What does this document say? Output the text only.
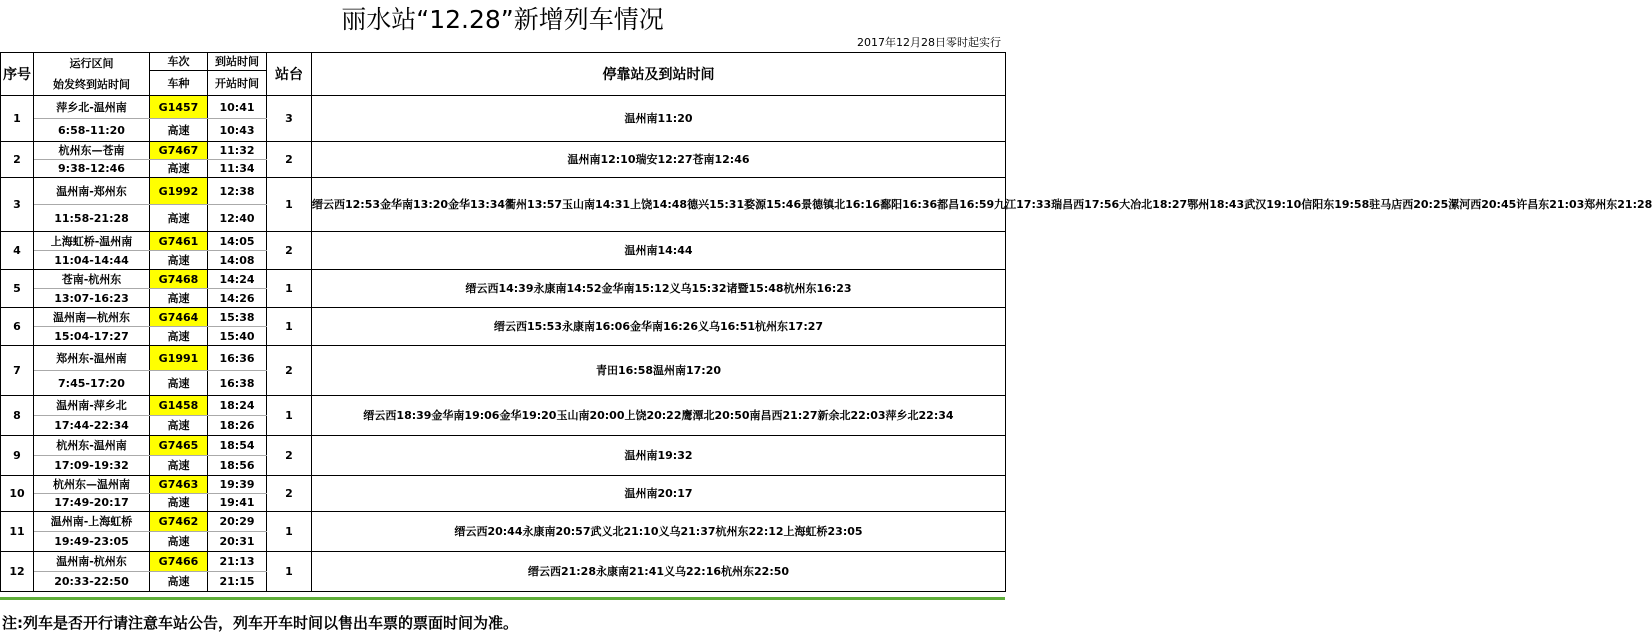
丽水站“12.28”新增列车情况
2017年12月28日零时起实行
序号	运行区间
始发终到站时间	车次	到站时间	站台	停靠站及到站时间
		车种	开站时间		
1	萍乡北-温州南	G1457	10:41	3	温州南11:20
	6:58-11:20	高速	10:43		
2	杭州东—苍南	G7467	11:32	2	温州南12:10瑞安12:27苍南12:46
	9:38-12:46	高速	11:34		
3	温州南-郑州东	G1992	12:38	1	缙云西12:53金华南13:20金华13:34衢州13:57玉山南14:31上饶14:48德兴15:31婺源15:46景德镇北16:16鄱阳16:36都昌16:59九江17:33瑞昌西17:56大冶北18:27鄂州18:43武汉19:10信阳东19:58驻马店西20:25漯河西20:45许昌东21:03郑州东21:28
	11:58-21:28	高速	12:40		
4	上海虹桥-温州南	G7461	14:05	2	温州南14:44
	11:04-14:44	高速	14:08		
5	苍南-杭州东	G7468	14:24	1	缙云西14:39永康南14:52金华南15:12义乌15:32诸暨15:48杭州东16:23
	13:07-16:23	高速	14:26		
6	温州南—杭州东	G7464	15:38	1	缙云西15:53永康南16:06金华南16:26义乌16:51杭州东17:27
	15:04-17:27	高速	15:40		
7	郑州东-温州南	G1991	16:36	2	青田16:58温州南17:20
	7:45-17:20	高速	16:38		
8	温州南-萍乡北	G1458	18:24	1	缙云西18:39金华南19:06金华19:20玉山南20:00上饶20:22鹰潭北20:50南昌西21:27新余北22:03萍乡北22:34
	17:44-22:34	高速	18:26		
9	杭州东-温州南	G7465	18:54	2	温州南19:32
	17:09-19:32	高速	18:56		
10	杭州东—温州南	G7463	19:39	2	温州南20:17
	17:49-20:17	高速	19:41		
11	温州南-上海虹桥	G7462	20:29	1	缙云西20:44永康南20:57武义北21:10义乌21:37杭州东22:12上海虹桥23:05
	19:49-23:05	高速	20:31		
12	温州南-杭州东	G7466	21:13	1	缙云西21:28永康南21:41义乌22:16杭州东22:50
	20:33-22:50	高速	21:15		
注:列车是否开行请注意车站公告，列车开车时间以售出车票的票面时间为准。
